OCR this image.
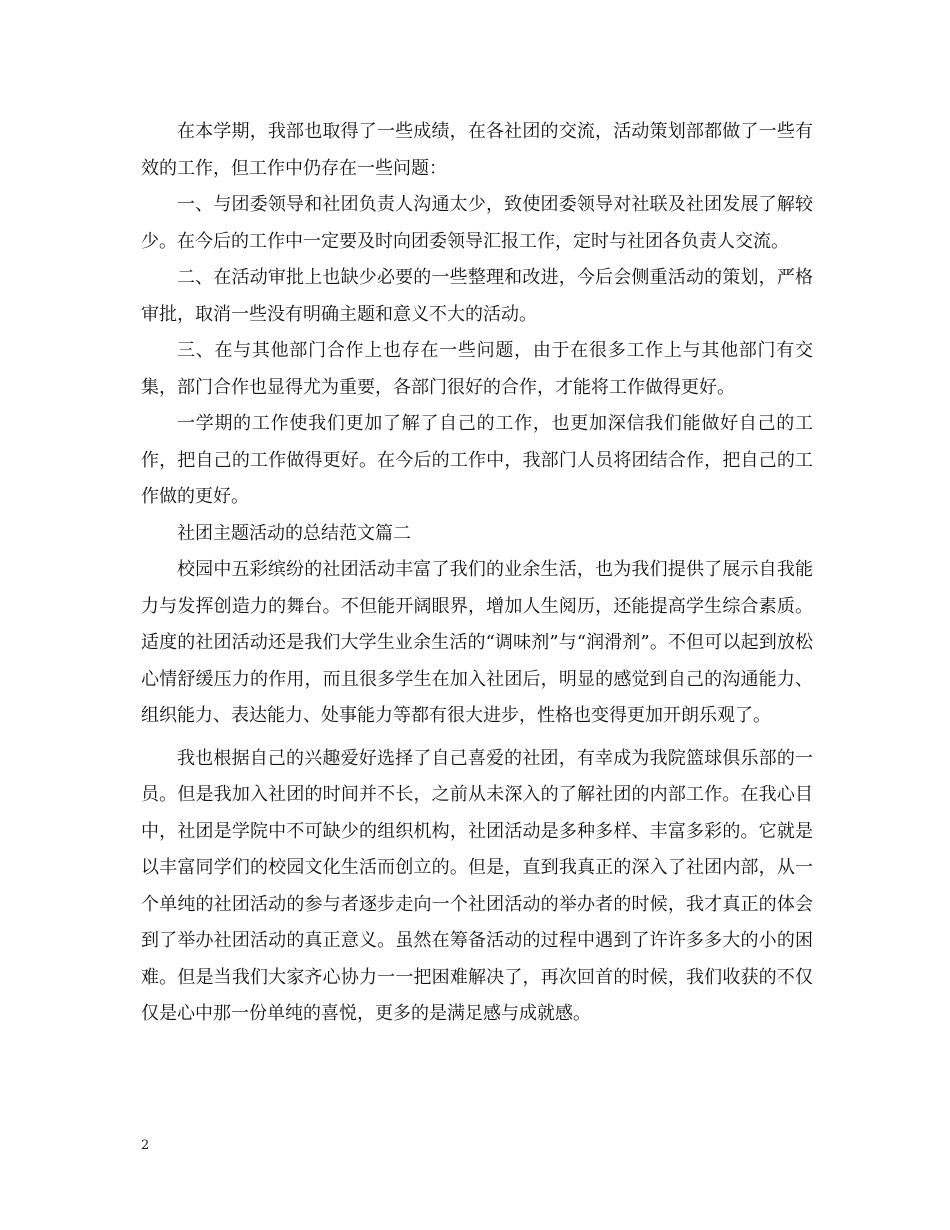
在本学期，我部也取得了一些成绩，在各社团的交流，活动策划部都做了一些有效的工作，但工作中仍存在一些问题：

一、与团委领导和社团负责人沟通太少，致使团委领导对社联及社团发展了解较少。在今后的工作中一定要及时向团委领导汇报工作，定时与社团各负责人交流。

二、在活动审批上也缺少必要的一些整理和改进，今后会侧重活动的策划，严格审批，取消一些没有明确主题和意义不大的活动。

三、在与其他部门合作上也存在一些问题，由于在很多工作上与其他部门有交集，部门合作也显得尤为重要，各部门很好的合作，才能将工作做得更好。

一学期的工作使我们更加了解了自己的工作，也更加深信我们能做好自己的工作，把自己的工作做得更好。在今后的工作中，我部门人员将团结合作，把自己的工作做的更好。

社团主题活动的总结范文篇二

校园中五彩缤纷的社团活动丰富了我们的业余生活，也为我们提供了展示自我能力与发挥创造力的舞台。不但能开阔眼界，增加人生阅历，还能提高学生综合素质。适度的社团活动还是我们大学生业余生活的“调味剂”与“润滑剂”。不但可以起到放松心情舒缓压力的作用，而且很多学生在加入社团后，明显的感觉到自己的沟通能力、组织能力、表达能力、处事能力等都有很大进步，性格也变得更加开朗乐观了。

我也根据自己的兴趣爱好选择了自己喜爱的社团，有幸成为我院篮球俱乐部的一员。但是我加入社团的时间并不长，之前从未深入的了解社团的内部工作。在我心目中，社团是学院中不可缺少的组织机构，社团活动是多种多样、丰富多彩的。它就是以丰富同学们的校园文化生活而创立的。但是，直到我真正的深入了社团内部，从一个单纯的社团活动的参与者逐步走向一个社团活动的举办者的时候，我才真正的体会到了举办社团活动的真正意义。虽然在筹备活动的过程中遇到了许许多多大的小的困难。但是当我们大家齐心协力一一把困难解决了，再次回首的时候，我们收获的不仅仅是心中那一份单纯的喜悦，更多的是满足感与成就感。

2
